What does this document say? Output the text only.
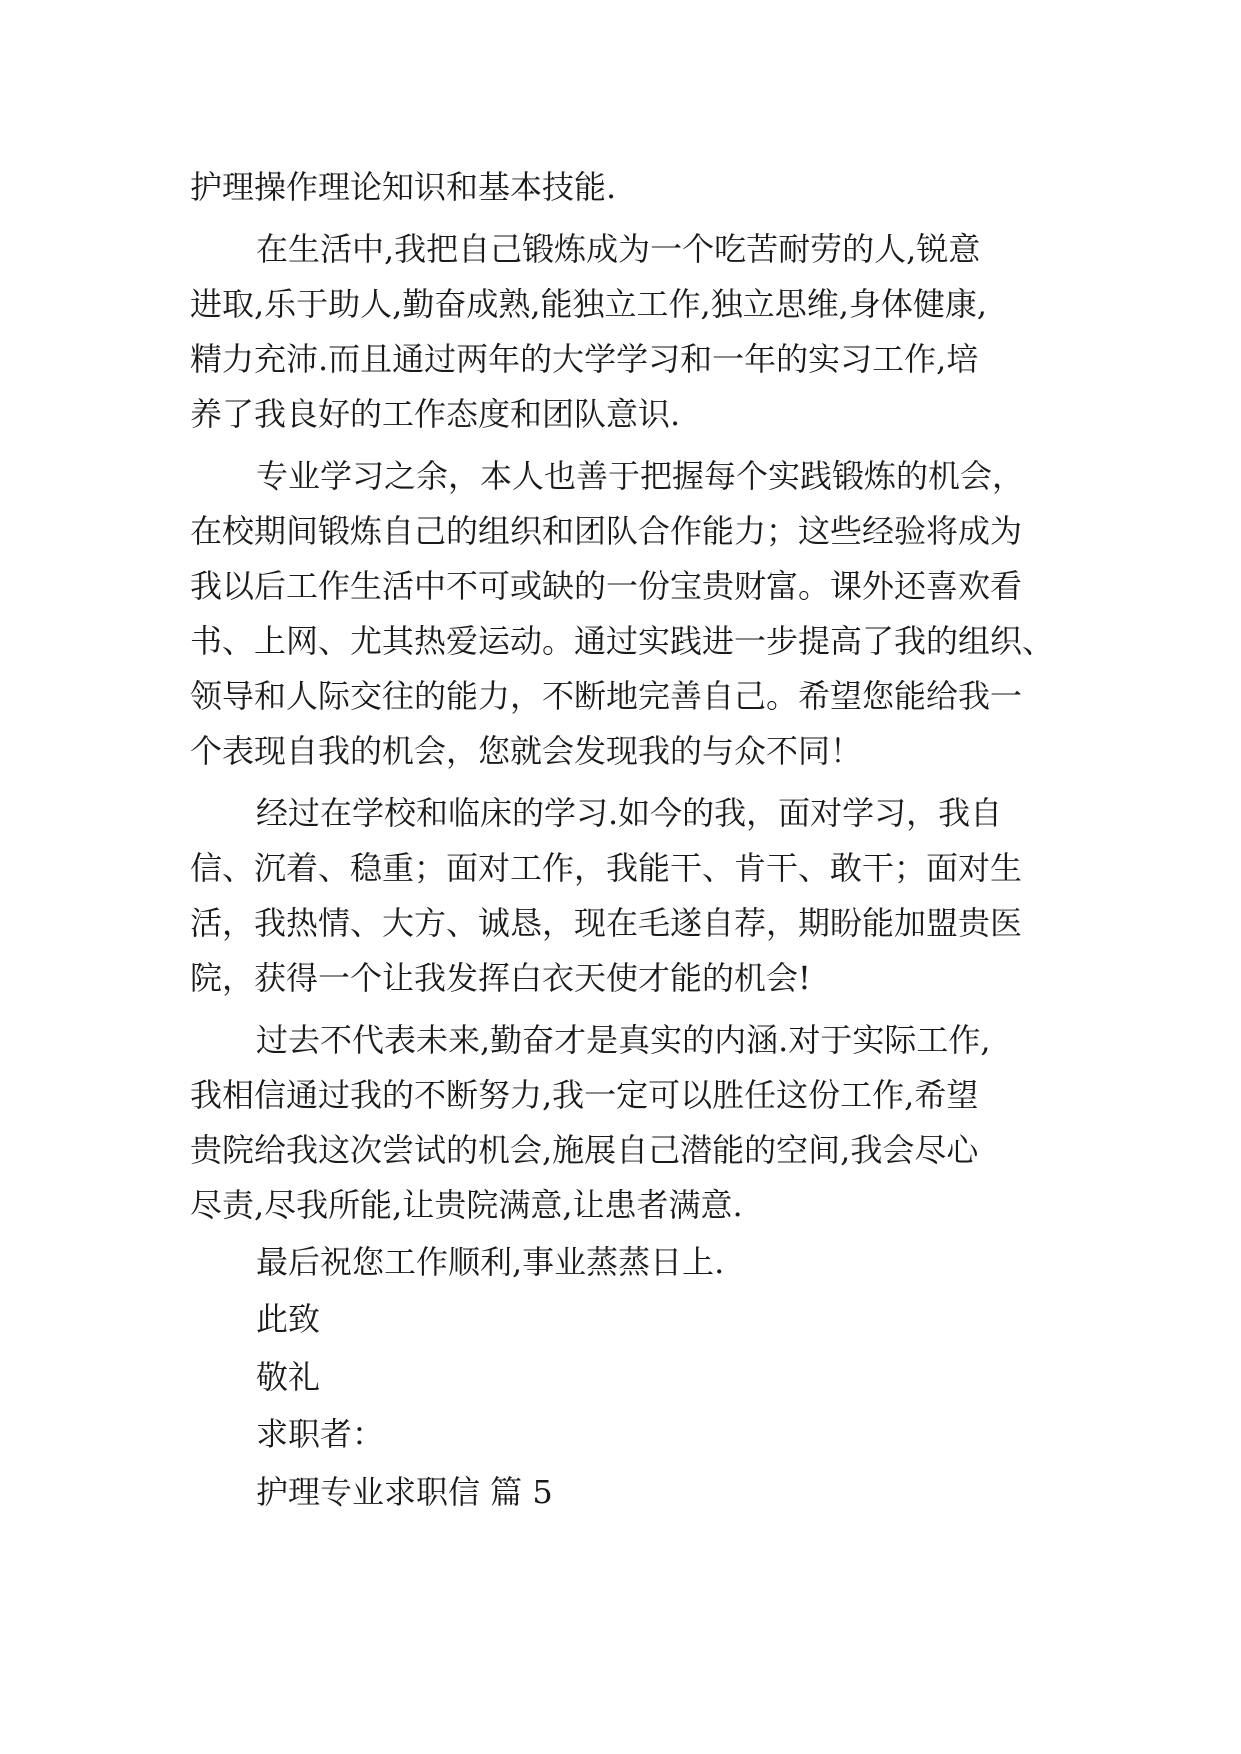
护理操作理论知识和基本技能.
在生活中,我把自己锻炼成为一个吃苦耐劳的人,锐意
进取,乐于助人,勤奋成熟,能独立工作,独立思维,身体健康,
精力充沛.而且通过两年的大学学习和一年的实习工作,培
养了我良好的工作态度和团队意识.
专业学习之余，本人也善于把握每个实践锻炼的机会，
在校期间锻炼自己的组织和团队合作能力；这些经验将成为
我以后工作生活中不可或缺的一份宝贵财富。课外还喜欢看
书、上网、尤其热爱运动。通过实践进一步提高了我的组织、
领导和人际交往的能力，不断地完善自己。希望您能给我一
个表现自我的机会，您就会发现我的与众不同！
经过在学校和临床的学习.如今的我，面对学习，我自
信、沉着、稳重；面对工作，我能干、肯干、敢干；面对生
活，我热情、大方、诚恳，现在毛遂自荐，期盼能加盟贵医
院，获得一个让我发挥白衣天使才能的机会!
过去不代表未来,勤奋才是真实的内涵.对于实际工作,
我相信通过我的不断努力,我一定可以胜任这份工作,希望
贵院给我这次尝试的机会,施展自己潜能的空间,我会尽心
尽责,尽我所能,让贵院满意,让患者满意.
最后祝您工作顺利,事业蒸蒸日上.
此致
敬礼
求职者：
护理专业求职信 篇 5
